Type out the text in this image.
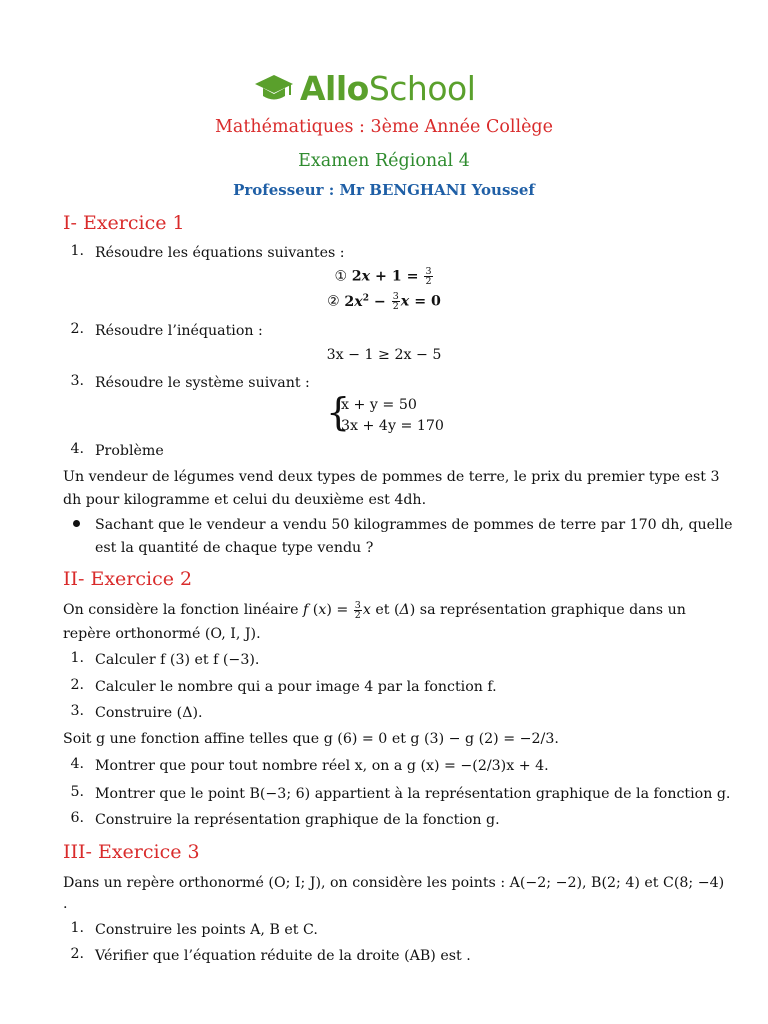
AlloSchool
Mathématiques : 3ème Année Collège
Examen Régional 4
Professeur : Mr BENGHANI Youssef
I- Exercice 1
1. Résoudre les équations suivantes :
① $2x + 1 = \frac{3}{2}$
② $2x^2 - \frac{3}{2}$ x = 0
2. Résoudre l’inéquation :
3x − 1 ≥ 2x − 5
3. Résoudre le système suivant :
{
x + y = 50
3x + 4y = 170
4. Problème
Un vendeur de légumes vend deux types de pommes de terre, le prix du premier type est 3
dh pour kilogramme et celui du deuxième est 4dh.
Sachant que le vendeur a vendu 50 kilogrammes de pommes de terre par 170 dh, quelle
est la quantité de chaque type vendu ?
II- Exercice 2
On considère la fonction linéaire f $(x) = \frac{3}{2}$ x et (Δ) sa représentation graphique dans un
repère orthonormé (O, I, J).
1. Calculer f (3) et f (−3).
2. Calculer le nombre qui a pour image 4 par la fonction f.
3. Construire (Δ).
Soit g une fonction affine telles que g (6) = 0 et g (3) − g (2) = −2/3.
4. Montrer que pour tout nombre réel x, on a g (x) = −(2/3)x + 4.
5. Montrer que le point B(−3; 6) appartient à la représentation graphique de la fonction g.
6. Construire la représentation graphique de la fonction g.
III- Exercice 3
Dans un repère orthonormé (O; I; J), on considère les points : A(−2; −2), B(2; 4) et C(8; −4)
.
1. Construire les points A, B et C.
2. Vérifier que l’équation réduite de la droite (AB) est .
